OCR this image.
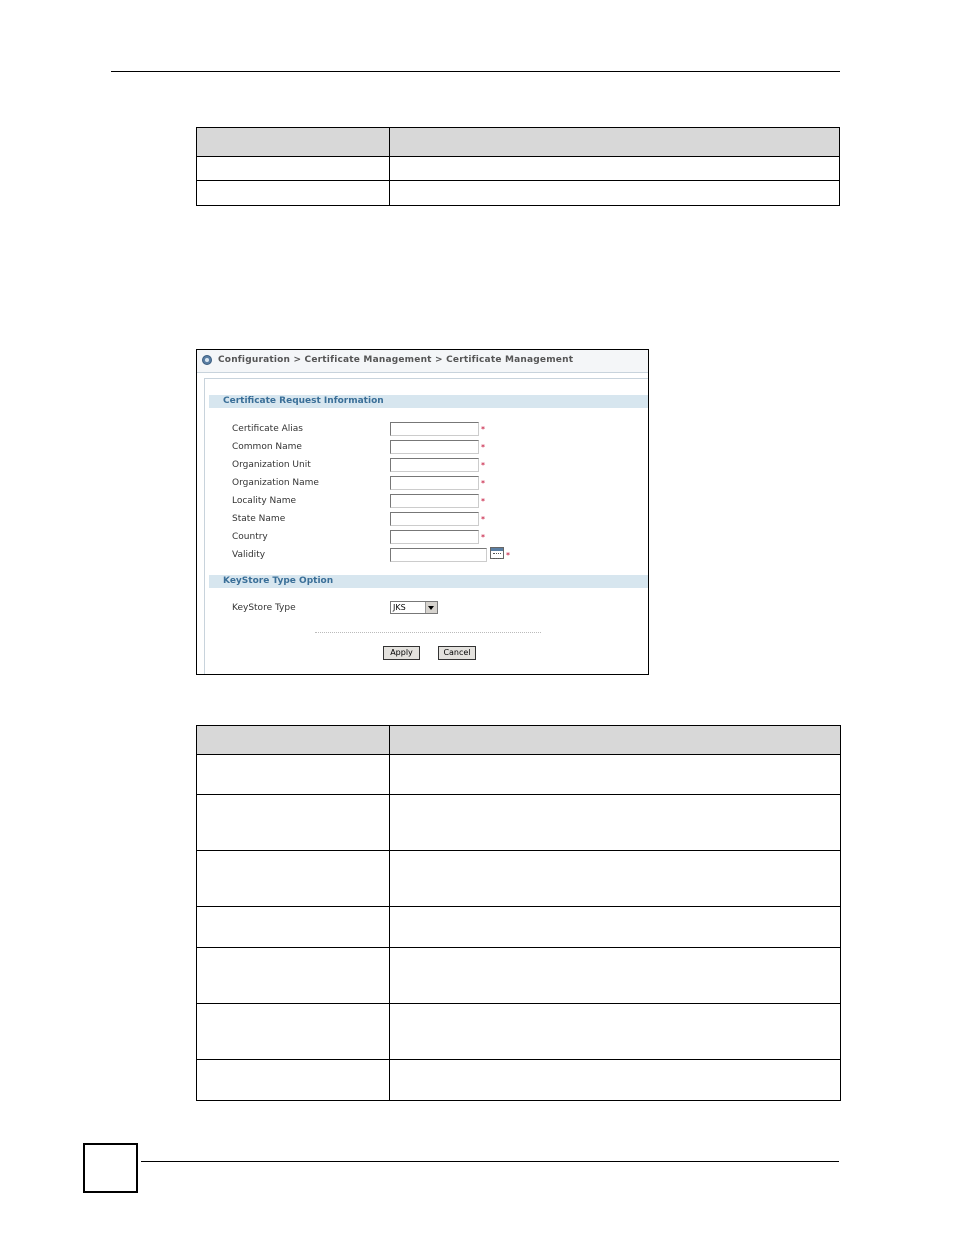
Configuration > Certificate Management > Certificate Management
Certificate Request Information
Certificate Alias	*
Common Name	*
Organization Unit	*
Organization Name	*
Locality Name	*
State Name	*
Country	*
Validity	*
KeyStore Type Option
KeyStore Type	JKS
Apply	Cancel
